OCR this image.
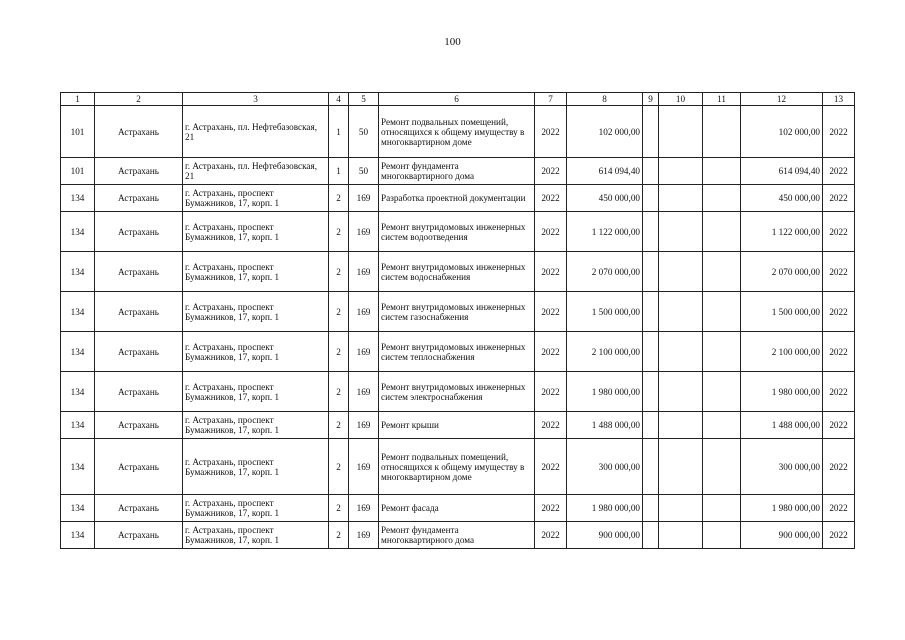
100
1	2	3	4	5	6	7	8	9	10	11	12	13
101	Астрахань	г. Астрахань, пл. Нефтебазовская, 21	1	50	Ремонт подвальных помещений, относящихся к общему имуществу в многоквартирном доме	2022	102 000,00				102 000,00	2022
101	Астрахань	г. Астрахань, пл. Нефтебазовская, 21	1	50	Ремонт фундамента многоквартирного дома	2022	614 094,40				614 094,40	2022
134	Астрахань	г. Астрахань, проспект Бумажников, 17, корп. 1	2	169	Разработка проектной документации	2022	450 000,00				450 000,00	2022
134	Астрахань	г. Астрахань, проспект Бумажников, 17, корп. 1	2	169	Ремонт внутридомовых инженерных систем водоотведения	2022	1 122 000,00				1 122 000,00	2022
134	Астрахань	г. Астрахань, проспект Бумажников, 17, корп. 1	2	169	Ремонт внутридомовых инженерных систем водоснабжения	2022	2 070 000,00				2 070 000,00	2022
134	Астрахань	г. Астрахань, проспект Бумажников, 17, корп. 1	2	169	Ремонт внутридомовых инженерных систем газоснабжения	2022	1 500 000,00				1 500 000,00	2022
134	Астрахань	г. Астрахань, проспект Бумажников, 17, корп. 1	2	169	Ремонт внутридомовых инженерных систем теплоснабжения	2022	2 100 000,00				2 100 000,00	2022
134	Астрахань	г. Астрахань, проспект Бумажников, 17, корп. 1	2	169	Ремонт внутридомовых инженерных систем электроснабжения	2022	1 980 000,00				1 980 000,00	2022
134	Астрахань	г. Астрахань, проспект Бумажников, 17, корп. 1	2	169	Ремонт крыши	2022	1 488 000,00				1 488 000,00	2022
134	Астрахань	г. Астрахань, проспект Бумажников, 17, корп. 1	2	169	Ремонт подвальных помещений, относящихся к общему имуществу в многоквартирном доме	2022	300 000,00				300 000,00	2022
134	Астрахань	г. Астрахань, проспект Бумажников, 17, корп. 1	2	169	Ремонт фасада	2022	1 980 000,00				1 980 000,00	2022
134	Астрахань	г. Астрахань, проспект Бумажников, 17, корп. 1	2	169	Ремонт фундамента многоквартирного дома	2022	900 000,00				900 000,00	2022
